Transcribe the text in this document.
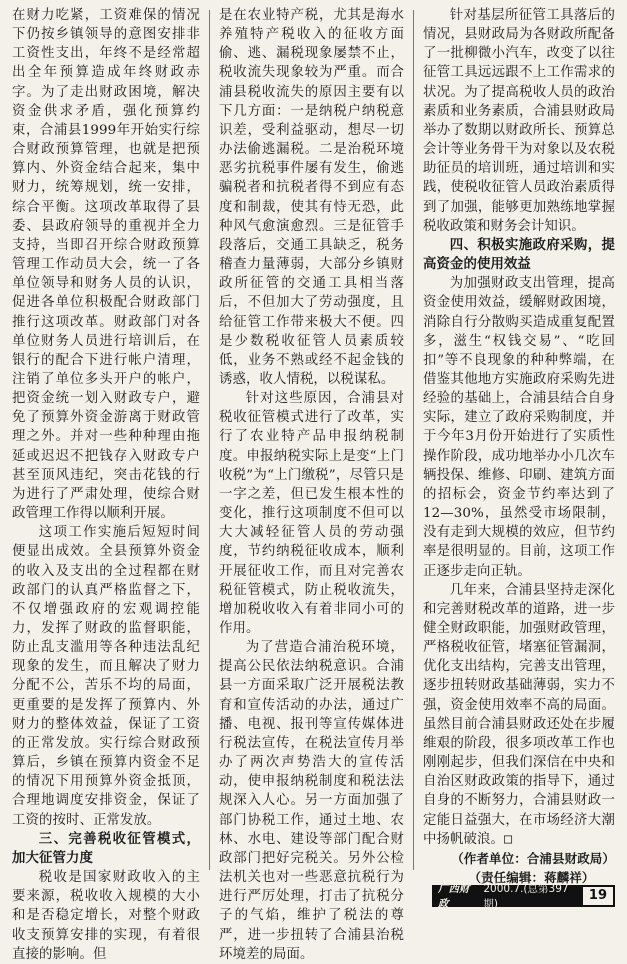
在财力吃紧，工资难保的情况下仍按乡镇领导的意图安排非工资性支出，年终不是经常超出全年预算造成年终财政赤字。为了走出财政困境，解决资金供求矛盾，强化预算约束，合浦县1999年开始实行综合财政预算管理，也就是把预算内、外资金结合起来，集中财力，统筹规划，统一安排，综合平衡。这项改革取得了县委、县政府领导的重视并全力支持，当即召开综合财政预算管理工作动员大会，统一了各单位领导和财务人员的认识，促进各单位积极配合财政部门推行这项改革。财政部门对各单位财务人员进行培训后，在银行的配合下进行帐户清理，注销了单位多头开户的帐户，把资金统一划入财政专户，避免了预算外资金游离于财政管理之外。并对一些种种理由拖延或迟迟不把钱存入财政专户甚至顶风违纪，突击花钱的行为进行了严肃处理，使综合财政管理工作得以顺利开展。

这项工作实施后短短时间便显出成效。全县预算外资金的收入及支出的全过程都在财政部门的认真严格监督之下，不仅增强政府的宏观调控能力，发挥了财政的监督职能，防止乱支滥用等各种违法乱纪现象的发生，而且解决了财力分配不公，苦乐不均的局面，更重要的是发挥了预算内、外财力的整体效益，保证了工资的正常发放。实行综合财政预算后，乡镇在预算内资金不足的情况下用预算外资金抵顶，合理地调度安排资金，保证了工资的按时、正常发放。

三、完善税收征管模式，加大征管力度

税收是国家财政收入的主要来源，税收收入规模的大小和是否稳定增长，对整个财政收支预算安排的实现，有着很直接的影响。但

是在农业特产税，尤其是海水养殖特产税收入的征收方面偷、逃、漏税现象屡禁不止，税收流失现象较为严重。而合浦县税收流失的原因主要有以下几方面：一是纳税户纳税意识差，受利益驱动，想尽一切办法偷逃漏税。二是治税环境恶劣抗税事件屡有发生，偷逃骗税者和抗税者得不到应有态度和制裁，使其有恃无恐，此种风气愈演愈烈。三是征管手段落后，交通工具缺乏，税务稽查力量薄弱，大部分乡镇财政所征管的交通工具相当落后，不但加大了劳动强度，且给征管工作带来极大不便。四是少数税收征管人员素质较低，业务不熟或经不起金钱的诱惑，收人情税，以税谋私。

针对这些原因，合浦县对税收征管模式进行了改革，实行了农业特产品申报纳税制度。申报纳税实际上是变“上门收税”为“上门缴税”，尽管只是一字之差，但已发生根本性的变化，推行这项制度不但可以大大减轻征管人员的劳动强度，节约纳税征收成本，顺利开展征收工作，而且对完善农税征管模式，防止税收流失，增加税收收入有着非同小可的作用。

为了营造合浦治税环境，提高公民依法纳税意识。合浦县一方面采取广泛开展税法教育和宣传活动的办法，通过广播、电视、报刊等宣传媒体进行税法宣传，在税法宣传月举办了两次声势浩大的宣传活动，使申报纳税制度和税法法规深入人心。另一方面加强了部门协税工作，通过土地、农林、水电、建设等部门配合财政部门把好完税关。另外公检法机关也对一些恶意抗税行为进行严厉处理，打击了抗税分子的气焰，维护了税法的尊严，进一步扭转了合浦县治税环境差的局面。

针对基层所征管工具落后的情况，县财政局为各财政所配备了一批柳微小汽车，改变了以往征管工具远远跟不上工作需求的状况。为了提高税收人员的政治素质和业务素质，合浦县财政局举办了数期以财政所长、预算总会计等业务骨干为对象以及农税助征员的培训班，通过培训和实践，使税收征管人员政治素质得到了加强，能够更加熟练地掌握税收政策和财务会计知识。

四、积极实施政府采购，提高资金的使用效益

为加强财政支出管理，提高资金使用效益，缓解财政困境，消除自行分散购买造成重复配置多，滋生“权钱交易”、“吃回扣”等不良现象的种种弊端，在借鉴其他地方实施政府采购先进经验的基础上，合浦县结合自身实际，建立了政府采购制度，并于今年3月份开始进行了实质性操作阶段，成功地举办小几次车辆投保、维修、印刷、建筑方面的招标会，资金节约率达到了12—30%，虽然受市场限制，没有走到大规模的效应，但节约率是很明显的。目前，这项工作正逐步走向正轨。

几年来，合浦县坚持走深化和完善财税改革的道路，进一步健全财政职能，加强财政管理，严格税收征管，堵塞征管漏洞，优化支出结构，完善支出管理，逐步扭转财政基础薄弱，实力不强，资金使用效率不高的局面。虽然目前合浦县财政还处在步履维艰的阶段，很多项改革工作也刚刚起步，但我们深信在中央和自治区财政政策的指导下，通过自身的不断努力，合浦县财政一定能日益强大，在市场经济大潮中扬帆破浪。□

（作者单位：合浦县财政局）

（责任编辑：蒋麟祥）

广西财政
2000.7.(总第397期)
19
